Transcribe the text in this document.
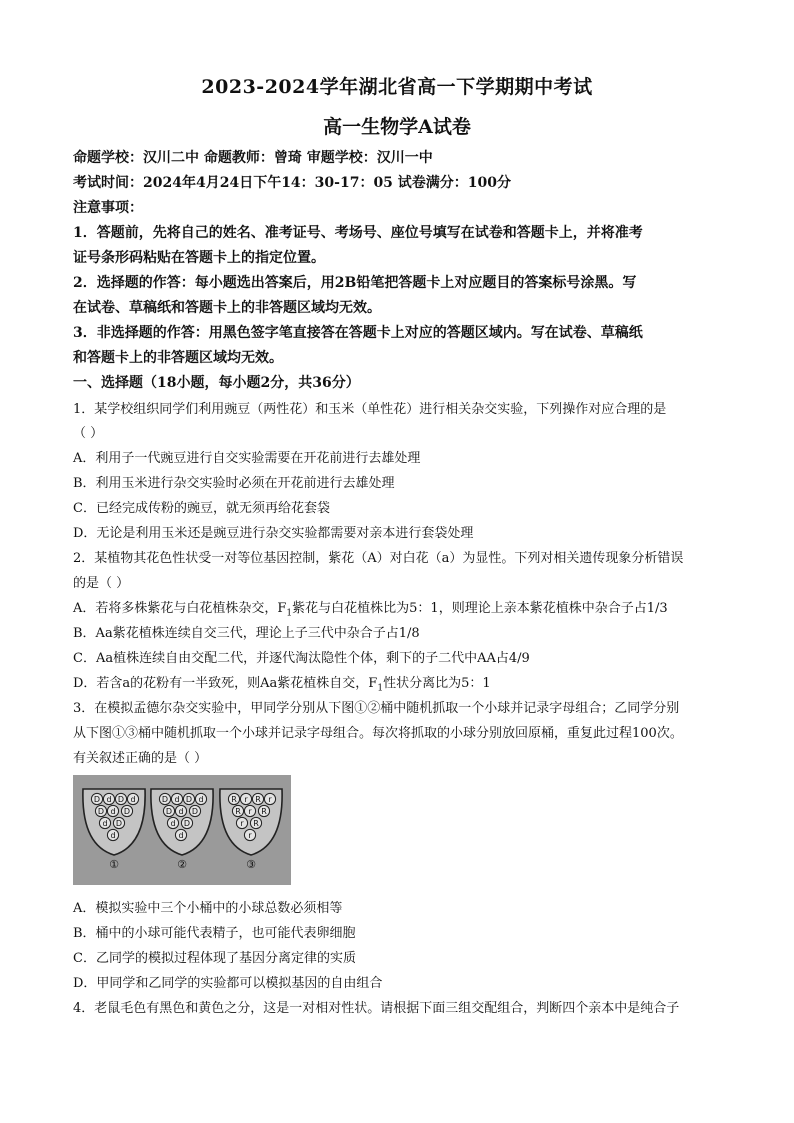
2023-2024学年湖北省高一下学期期中考试
高一生物学A试卷
命题学校：汉川二中 命题教师：曾琦 审题学校：汉川一中
考试时间：2024年4月24日下午14：30-17：05 试卷满分：100分
注意事项：
1．答题前，先将自己的姓名、准考证号、考场号、座位号填写在试卷和答题卡上，并将准考
证号条形码粘贴在答题卡上的指定位置。
2．选择题的作答：每小题选出答案后，用2B铅笔把答题卡上对应题目的答案标号涂黑。写
在试卷、草稿纸和答题卡上的非答题区域均无效。
3．非选择题的作答：用黑色签字笔直接答在答题卡上对应的答题区域内。写在试卷、草稿纸
和答题卡上的非答题区域均无效。
一、选择题（18小题，每小题2分，共36分）
1．某学校组织同学们利用豌豆（两性花）和玉米（单性花）进行相关杂交实验，下列操作对应合理的是
（ ）
A．利用子一代豌豆进行自交实验需要在开花前进行去雄处理
B．利用玉米进行杂交实验时必须在开花前进行去雄处理
C．已经完成传粉的豌豆，就无须再给花套袋
D．无论是利用玉米还是豌豆进行杂交实验都需要对亲本进行套袋处理
2．某植物其花色性状受一对等位基因控制，紫花（A）对白花（a）为显性。下列对相关遗传现象分析错误
的是（ ）
A．若将多株紫花与白花植株杂交，$F_1$紫花与白花植株比为5：1，则理论上亲本紫花植株中杂合子占1/3
B．Aa紫花植株连续自交三代，理论上子三代中杂合子占1/8
C．Aa植株连续自由交配二代，并逐代淘汰隐性个体，剩下的子二代中AA占4/9
D．若含a的花粉有一半致死，则Aa紫花植株自交，$F_1$性状分离比为5：1
3．在模拟孟德尔杂交实验中，甲同学分别从下图①②桶中随机抓取一个小球并记录字母组合；乙同学分别
从下图①③桶中随机抓取一个小球并记录字母组合。每次将抓取的小球分别放回原桶，重复此过程100次。
有关叙述正确的是（ ）
①	②	③
D d D d
D d D
d D
d
D d D d
D d D
d D
d
R r R r
R r R
r R
r
A．模拟实验中三个小桶中的小球总数必须相等
B．桶中的小球可能代表精子，也可能代表卵细胞
C．乙同学的模拟过程体现了基因分离定律的实质
D．甲同学和乙同学的实验都可以模拟基因的自由组合
4．老鼠毛色有黑色和黄色之分，这是一对相对性状。请根据下面三组交配组合，判断四个亲本中是纯合子
